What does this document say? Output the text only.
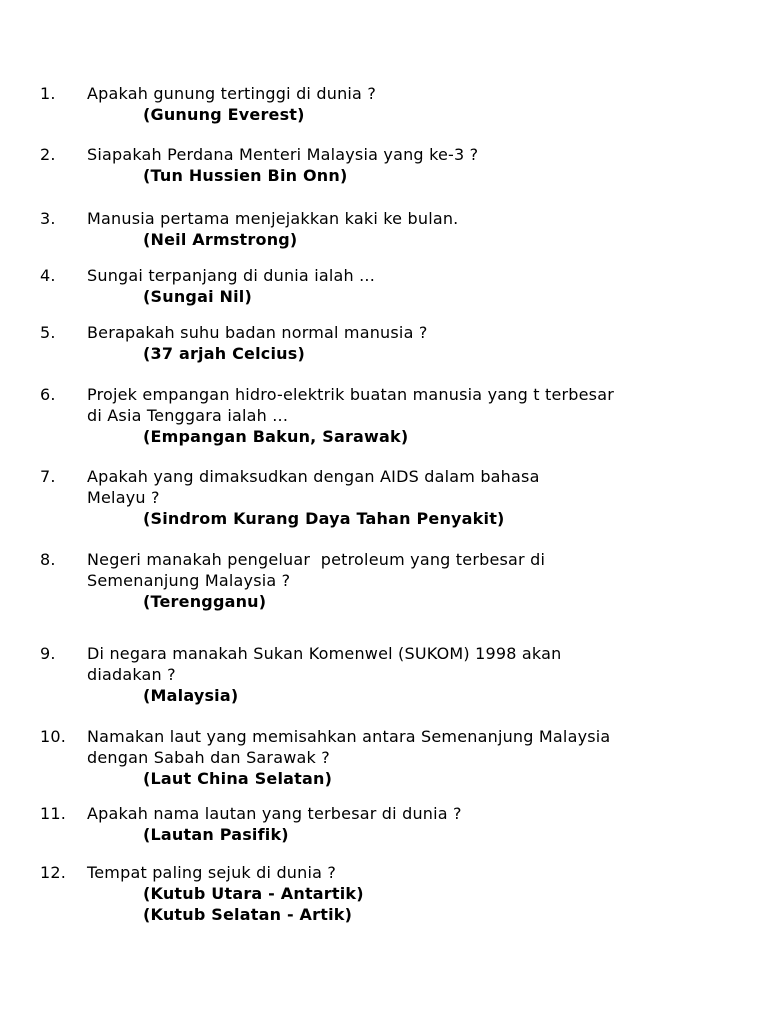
1. Apakah gunung tertinggi di dunia ?
(Gunung Everest)
2. Siapakah Perdana Menteri Malaysia yang ke-3 ?
(Tun Hussien Bin Onn)
3. Manusia pertama menjejakkan kaki ke bulan.
(Neil Armstrong)
4. Sungai terpanjang di dunia ialah ...
(Sungai Nil)
5. Berapakah suhu badan normal manusia ?
(37 arjah Celcius)
6. Projek empangan hidro-elektrik buatan manusia yang t terbesar
di Asia Tenggara ialah ...
(Empangan Bakun, Sarawak)
7. Apakah yang dimaksudkan dengan AIDS dalam bahasa
Melayu ?
(Sindrom Kurang Daya Tahan Penyakit)
8. Negeri manakah pengeluar  petroleum yang terbesar di
Semenanjung Malaysia ?
(Terengganu)
9. Di negara manakah Sukan Komenwel (SUKOM) 1998 akan
diadakan ?
(Malaysia)
10. Namakan laut yang memisahkan antara Semenanjung Malaysia
dengan Sabah dan Sarawak ?
(Laut China Selatan)
11. Apakah nama lautan yang terbesar di dunia ?
(Lautan Pasifik)
12. Tempat paling sejuk di dunia ?
(Kutub Utara - Antartik)
(Kutub Selatan - Artik)
